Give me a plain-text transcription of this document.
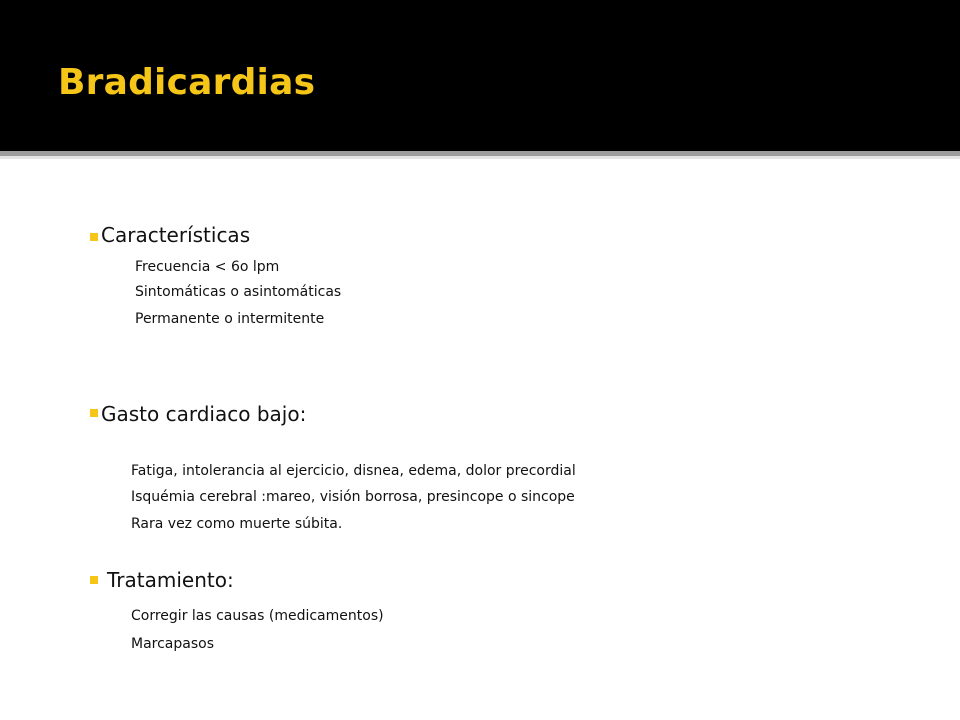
Bradicardias
Características
Frecuencia < 6o lpm
Sintomáticas o asintomáticas
Permanente o intermitente
Gasto cardiaco bajo:
Fatiga, intolerancia al ejercicio, disnea, edema, dolor precordial
Isquémia cerebral :mareo, visión borrosa, presincope o sincope
Rara vez como muerte súbita.
Tratamiento:
Corregir las causas (medicamentos)
Marcapasos
